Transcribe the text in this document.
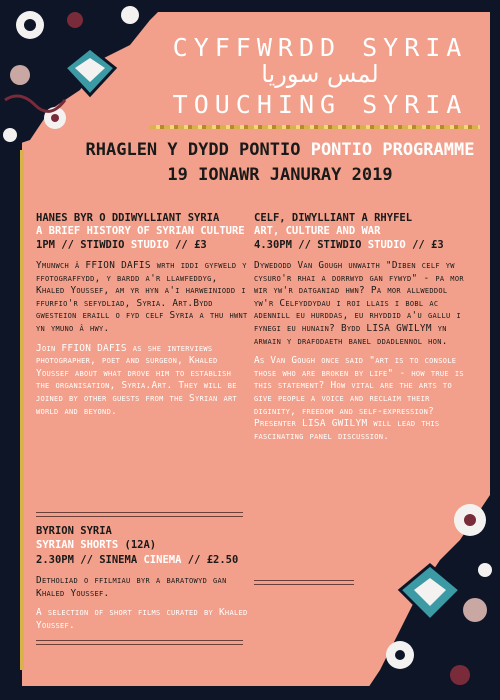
CYFFWRDD SYRIA
لمس سوريا
TOUCHING SYRIA
RHAGLEN Y DYDD PONTIO PONTIO PROGRAMME
19 IONAWR JANURAY 2019
HANES BYR O DDIWYLLIANT SYRIA
A BRIEF HISTORY OF SYRIAN CULTURE
1PM // STIWDIO STUDIO // £3
Ymunwch â FFION DAFIS wrth iddi gyfweld y ffotograffydd, y bardd a'r llawfeddyg, Khaled Youssef, am yr hyn a'i harweiniodd i ffurfio'r sefydliad, Syria. Art.Bydd gwesteion eraill o fyd celf Syria a thu hwnt yn ymuno â hwy.
Join FFION DAFIS as she interviews photographer, poet and surgeon, Khaled Youssef about what drove him to establish the organisation, Syria.Art. They will be joined by other guests from the Syrian art world and beyond.
BYRION SYRIA
SYRIAN SHORTS (12A)
2.30PM // SINEMA CINEMA // £2.50
Detholiad o ffilmiau byr a baratowyd gan Khaled Youssef.
A selection of short films curated by Khaled Youssef.
CELF, DIWYLLIANT A RHYFEL
ART, CULTURE AND WAR
4.30PM // STIWDIO STUDIO // £3
Dywedodd Van Gough unwaith "Diben celf yw cysuro'r rhai a dorrwyd gan fywyd" - pa mor wir yw'r datganiad hwn? Pa mor allweddol yw'r Celfyddydau i roi llais i bobl ac adennill eu hurddas, eu rhyddid a'u gallu i fynegi eu hunain? Bydd LISA GWILYM yn arwain y drafodaeth banel ddadlennol hon.
As Van Gough once said "art is to console those who are broken by life" - how true is this statement? How vital are the arts to give people a voice and reclaim their diginity, freedom and self-expression? Presenter LISA GWILYM will lead this fascinating panel discussion.
